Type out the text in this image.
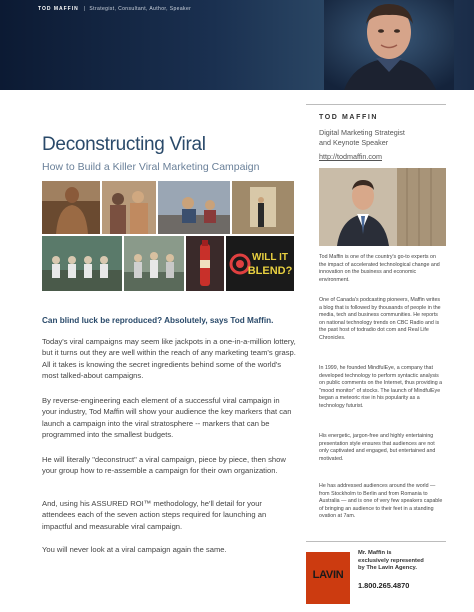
TOD MAFFIN | Strategist, Consultant, Author, Speaker
Deconstructing Viral
How to Build a Killer Viral Marketing Campaign
WILL IT
BLEND?
Can blind luck be reproduced? Absolutely, says Tod Maffin.
Today's viral campaigns may seem like jackpots in a one-in-a-million lottery, but it turns out they are well within the reach of any marketing team's grasp. All it takes is knowing the secret ingredients behind some of the world's most talked-about campaigns.
By reverse-engineering each element of a successful viral campaign in your industry, Tod Maffin will show your audience the key markers that can launch a campaign into the viral stratosphere -- markers that can be programmed into the smallest budgets.
He will literally "deconstruct" a viral campaign, piece by piece, then show your group how to re-assemble a campaign for their own organization.
And, using his ASSURED ROI™ methodology, he'll detail for your attendees each of the seven action steps required for launching an impactful and measurable viral campaign.
You will never look at a viral campaign again the same.
TOD MAFFIN
Digital Marketing Strategist
and Keynote Speaker
http://todmaffin.com
Tod Maffin is one of the country's go-to experts on the impact of accelerated technological change and innovation on the business and economic environment.
One of Canada's podcasting pioneers, Maffin writes a blog that is followed by thousands of people in the media, tech and business communities. He reports on national technology trends on CBC Radio and is the past host of todradio dot com and Real Life Chronicles.
In 1999, he founded MindfulEye, a company that developed technology to perform syntactic analysis on public comments on the Internet, thus providing a "mood monitor" of stocks. The launch of MindfulEye began a meteoric rise in his popularity as a technology futurist.
His energetic, jargon-free and highly entertaining presentation style ensures that audiences are not only captivated and engaged, but entertained and motivated.
He has addressed audiences around the world — from Stockholm to Berlin and from Romania to Australia — and is one of very few speakers capable of bringing an audience to their feet in a standing ovation at 7am.
LAVIN
Mr. Maffin is
exclusively represented
by The Lavin Agency.
1.800.265.4870
